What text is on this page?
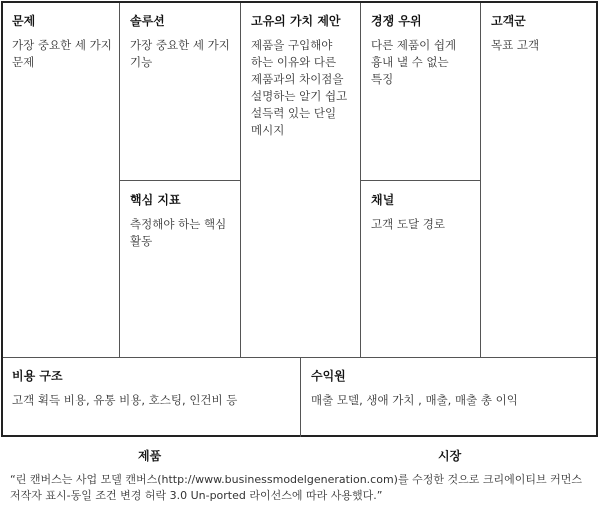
문제
가장 중요한 세 가지 문제
솔루션
가장 중요한 세 가지 기능
핵심 지표
측정해야 하는 핵심 활동
고유의 가치 제안
제품을 구입해야 하는 이유와 다른 제품과의 차이점을 설명하는 알기 쉽고 설득력 있는 단일 메시지
경쟁 우위
다른 제품이 쉽게 흉내 낼 수 없는 특징
채널
고객 도달 경로
고객군
목표 고객
비용 구조
고객 획득 비용, 유통 비용, 호스팅, 인건비 등
수익원
매출 모델, 생애 가치 , 매출, 매출 총 이익
제품	시장
“린 캔버스는 사업 모델 캔버스(http://www.businessmodelgeneration.com)를 수정한 것으로 크리에이티브 커먼스 저작자 표시-동일 조건 변경 허락 3.0 Un-ported 라이선스에 따라 사용했다.”
